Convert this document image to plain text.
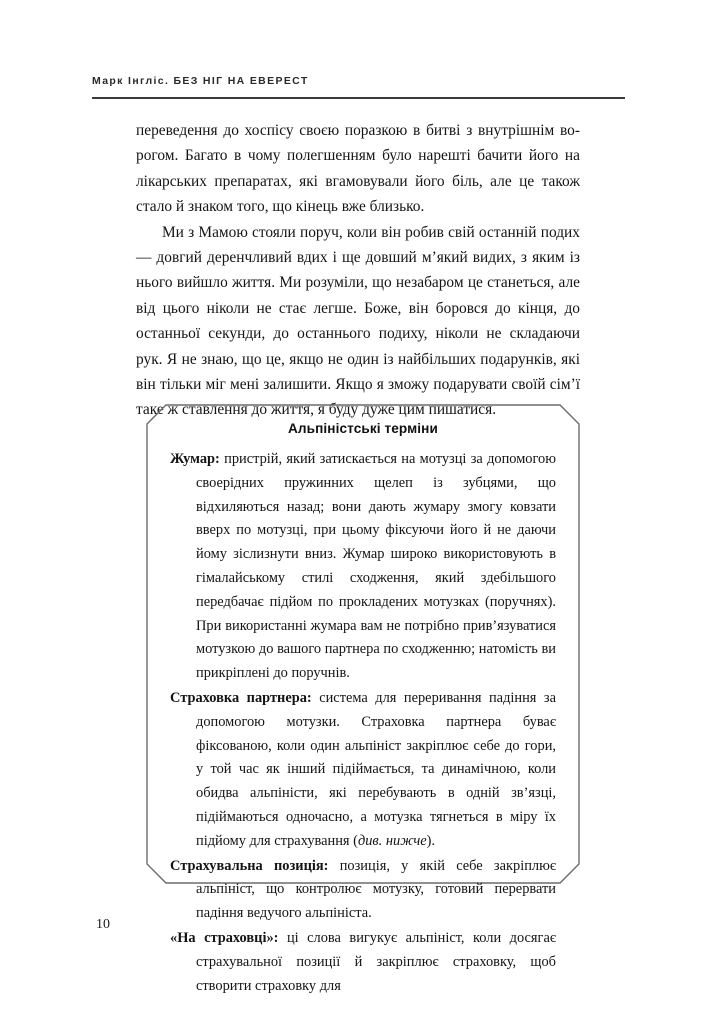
Марк Інгліс. БЕЗ НІГ НА ЕВЕРЕСТ

переведення до хоспісу своєю поразкою в битві з внутрішнім ворогом. Багато в чому полегшенням було нарешті бачити його на лікарських препаратах, які вгамовували його біль, але це також стало й знаком того, що кінець вже близько.

Ми з Мамою стояли поруч, коли він робив свій останній подих — довгий деренчливий вдих і ще довший м’який видих, з яким із нього вийшло життя. Ми розуміли, що незабаром це станеться, але від цього ніколи не стає легше. Боже, він боровся до кінця, до останньої секунди, до останнього подиху, ніколи не складаючи рук. Я не знаю, що це, якщо не один із найбільших подарунків, які він тільки міг мені залишити. Якщо я зможу подарувати своїй сім’ї таке ж ставлення до життя, я буду дуже цим пишатися.

Альпіністські терміни
Жумар: пристрій, який затискається на мотузці за допомогою своерідних пружинних щелеп із зубцями, що відхиляються назад; вони дають жумару змогу ковзати вверх по мотузці, при цьому фіксуючи його й не даючи йому зіслизнути вниз. Жумар широко використовують в гімалайському стилі сходження, який здебільшого передбачає підйом по прокладених мотузках (поручнях). При використанні жумара вам не потрібно прив’язуватися мотузкою до вашого партнера по сходженню; натомість ви прикріплені до поручнів.
Страховка партнера: система для переривання падіння за допомогою мотузки. Страховка партнера буває фіксованою, коли один альпініст закріплює себе до гори, у той час як інший підіймається, та динамічною, коли обидва альпіністи, які перебувають в одній зв’язці, підіймаються одночасно, а мотузка тягнеться в міру їх підйому для страхування (див. нижче).
Страхувальна позиція: позиція, у якій себе закріплює альпініст, що контролює мотузку, готовий перервати падіння ведучого альпініста.
«На страховці»: ці слова вигукує альпініст, коли досягає страхувальної позиції й закріплює страховку, щоб створити страховку для
10
